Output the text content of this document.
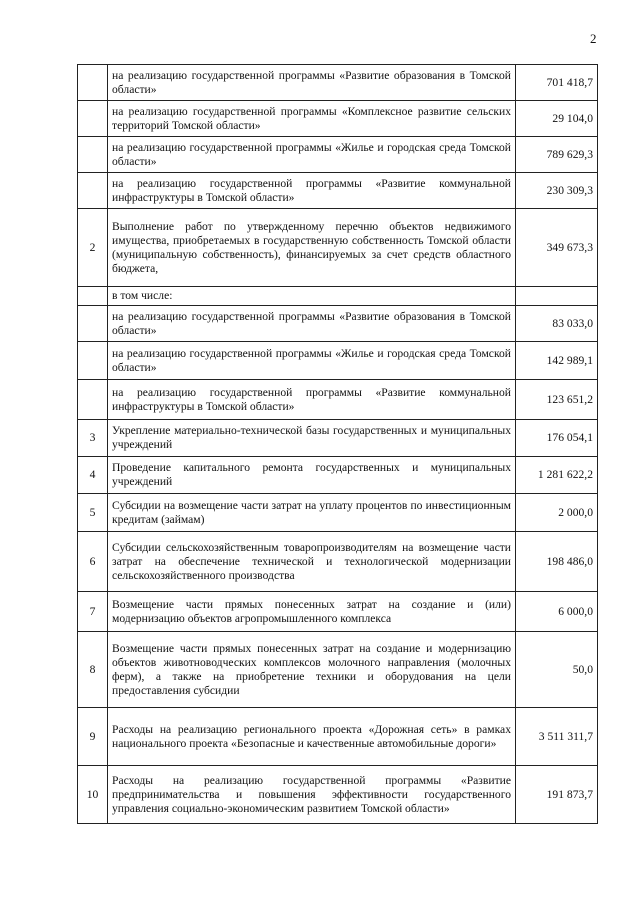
2
	на реализацию государственной программы «Развитие образования в Томской области»	701 418,7
	на реализацию государственной программы «Комплексное развитие сельских территорий Томской области»	29 104,0
	на реализацию государственной программы «Жилье и городская среда Томской области»	789 629,3
	на реализацию государственной программы «Развитие коммунальной инфраструктуры в Томской области»	230 309,3
2	Выполнение работ по утвержденному перечню объектов недвижимого имущества, приобретаемых в государственную собственность Томской области (муниципальную собственность), финансируемых за счет средств областного бюджета,	349 673,3
	в том числе:	
	на реализацию государственной программы «Развитие образования в Томской области»	83 033,0
	на реализацию государственной программы «Жилье и городская среда Томской области»	142 989,1
	на реализацию государственной программы «Развитие коммунальной инфраструктуры в Томской области»	123 651,2
3	Укрепление материально-технической базы государственных и муниципальных учреждений	176 054,1
4	Проведение капитального ремонта государственных и муниципальных учреждений	1 281 622,2
5	Субсидии на возмещение части затрат на уплату процентов по инвестиционным кредитам (займам)	2 000,0
6	Субсидии сельскохозяйственным товаропроизводителям на возмещение части затрат на обеспечение технической и технологической модернизации сельскохозяйственного производства	198 486,0
7	Возмещение части прямых понесенных затрат на создание и (или) модернизацию объектов агропромышленного комплекса	6 000,0
8	Возмещение части прямых понесенных затрат на создание и модернизацию объектов животноводческих комплексов молочного направления (молочных ферм), а также на приобретение техники и оборудования на цели предоставления субсидии	50,0
9	Расходы на реализацию регионального проекта «Дорожная сеть» в рамках национального проекта «Безопасные и качественные автомобильные дороги»	3 511 311,7
10	Расходы на реализацию государственной программы «Развитие предпринимательства и повышения эффективности государственного управления социально-экономическим развитием Томской области»	191 873,7
